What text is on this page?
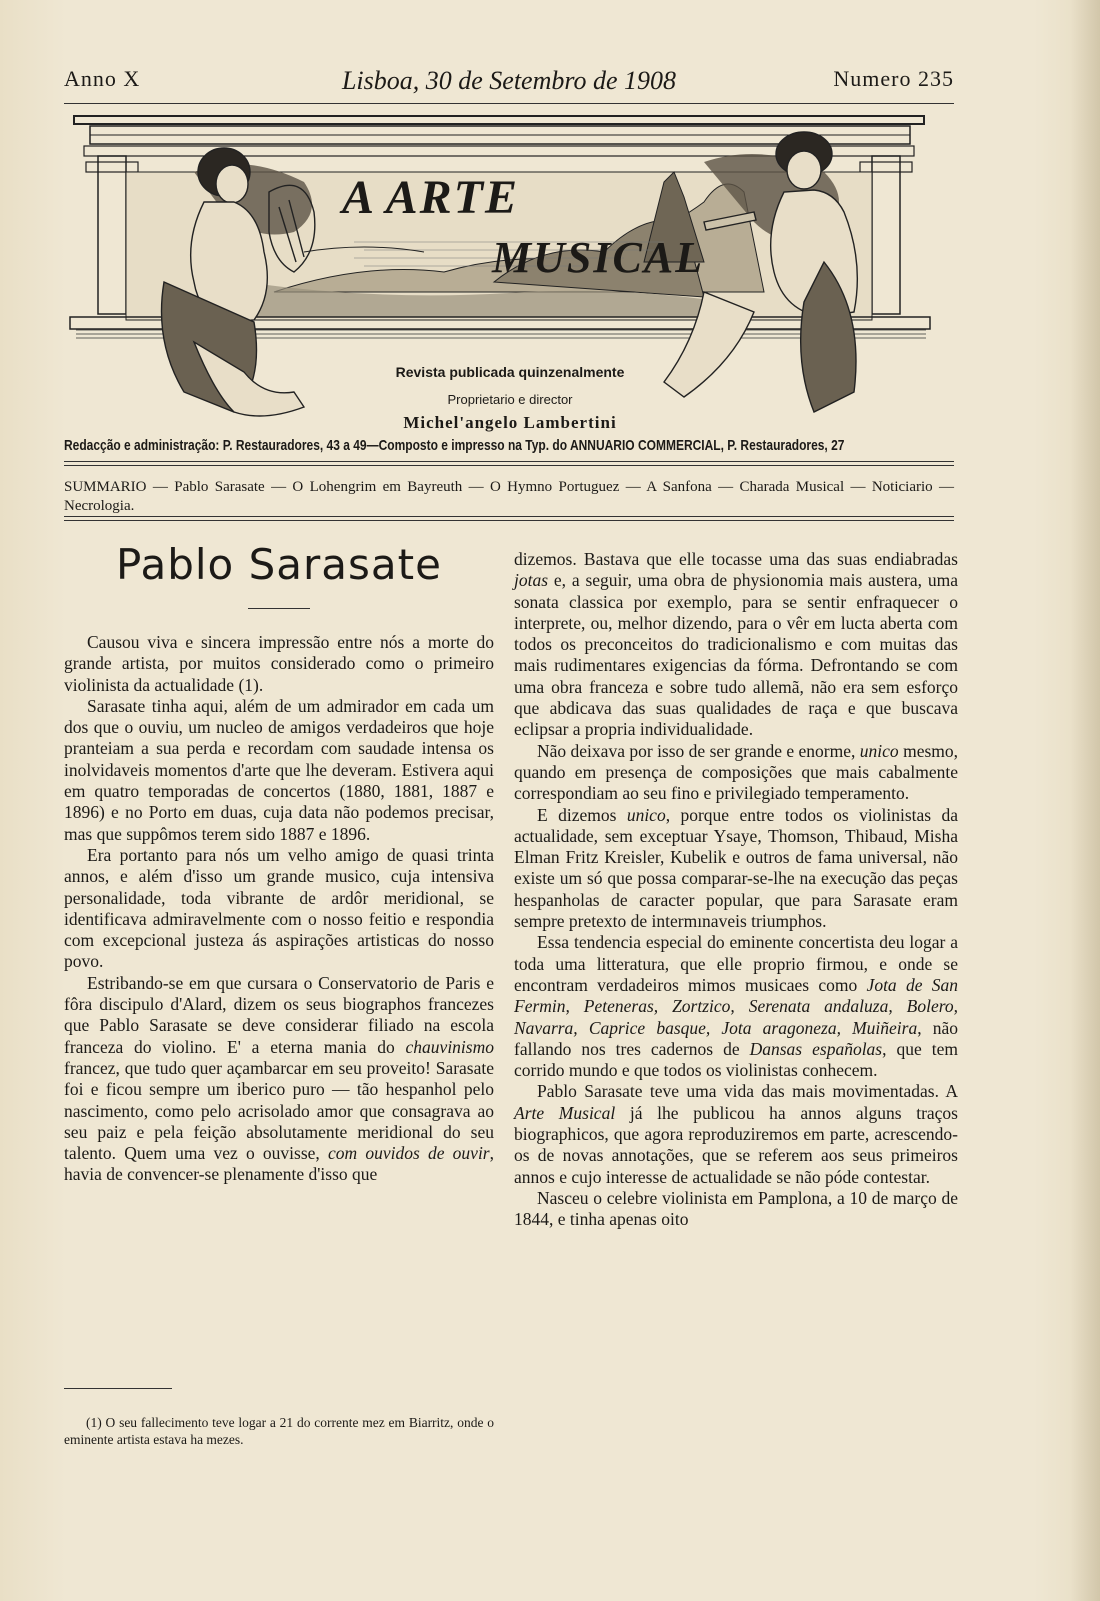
Anno X	Lisboa, 30 de Setembro de 1908	Numero 235
A ARTE
MUSICAL
Revista publicada quinzenalmente
Proprietario e director
Michel'angelo Lambertini
Redacção e administração: P. Restauradores, 43 a 49—Composto e impresso na Typ. do ANNUARIO COMMERCIAL, P. Restauradores, 27
SUMMARIO — Pablo Sarasate — O Lohengrim em Bayreuth — O Hymno Portuguez — A Sanfona — Charada Musical — Noticiario — Necrologia.
Pablo Sarasate

Causou viva e sincera impressão entre nós a morte do grande artista, por muitos considerado como o primeiro violinista da actualidade (1).

Sarasate tinha aqui, além de um admirador em cada um dos que o ouviu, um nucleo de amigos verdadeiros que hoje pranteiam a sua perda e recordam com saudade intensa os inolvidaveis momentos d'arte que lhe deveram. Estivera aqui em quatro temporadas de concertos (1880, 1881, 1887 e 1896) e no Porto em duas, cuja data não podemos precisar, mas que suppômos terem sido 1887 e 1896.

Era portanto para nós um velho amigo de quasi trinta annos, e além d'isso um grande musico, cuja intensiva personalidade, toda vibrante de ardôr meridional, se identificava admiravelmente com o nosso feitio e respondia com excepcional justeza ás aspirações artisticas do nosso povo.

Estribando-se em que cursara o Conservatorio de Paris e fôra discipulo d'Alard, dizem os seus biographos francezes que Pablo Sarasate se deve considerar filiado na escola franceza do violino. E' a eterna mania do chauvinismo francez, que tudo quer açambarcar em seu proveito! Sarasate foi e ficou sempre um iberico puro — tão hespanhol pelo nascimento, como pelo acrisolado amor que consagrava ao seu paiz e pela feição absolutamente meridional do seu talento. Quem uma vez o ouvisse, com ouvidos de ouvir, havia de convencer-se plenamente d'isso que

(1) O seu fallecimento teve logar a 21 do corrente mez em Biarritz, onde o eminente artista estava ha mezes.

dizemos. Bastava que elle tocasse uma das suas endiabradas jotas e, a seguir, uma obra de physionomia mais austera, uma sonata classica por exemplo, para se sentir enfraquecer o interprete, ou, melhor dizendo, para o vêr em lucta aberta com todos os preconceitos do tradicionalismo e com muitas das mais rudimentares exigencias da fórma. Defrontando se com uma obra franceza e sobre tudo allemã, não era sem esforço que abdicava das suas qualidades de raça e que buscava eclipsar a propria individualidade.

Não deixava por isso de ser grande e enorme, unico mesmo, quando em presença de composições que mais cabalmente correspondiam ao seu fino e privilegiado temperamento.

E dizemos unico, porque entre todos os violinistas da actualidade, sem exceptuar Ysaye, Thomson, Thibaud, Misha Elman Fritz Kreisler, Kubelik e outros de fama universal, não existe um só que possa comparar-se-lhe na execução das peças hespanholas de caracter popular, que para Sarasate eram sempre pretexto de intermınaveis triumphos.

Essa tendencia especial do eminente concertista deu logar a toda uma litteratura, que elle proprio firmou, e onde se encontram verdadeiros mimos musicaes como Jota de San Fermin, Peteneras, Zortzico, Serenata andaluza, Bolero, Navarra, Caprice basque, Jota aragoneza, Muiñeira, não fallando nos tres cadernos de Dansas españolas, que tem corrido mundo e que todos os violinistas conhecem.

Pablo Sarasate teve uma vida das mais movimentadas. A Arte Musical já lhe publicou ha annos alguns traços biographicos, que agora reproduziremos em parte, acrescendo-os de novas annotações, que se referem aos seus primeiros annos e cujo interesse de actualidade se não póde contestar.

Nasceu o celebre violinista em Pamplona, a 10 de março de 1844, e tinha apenas oito
